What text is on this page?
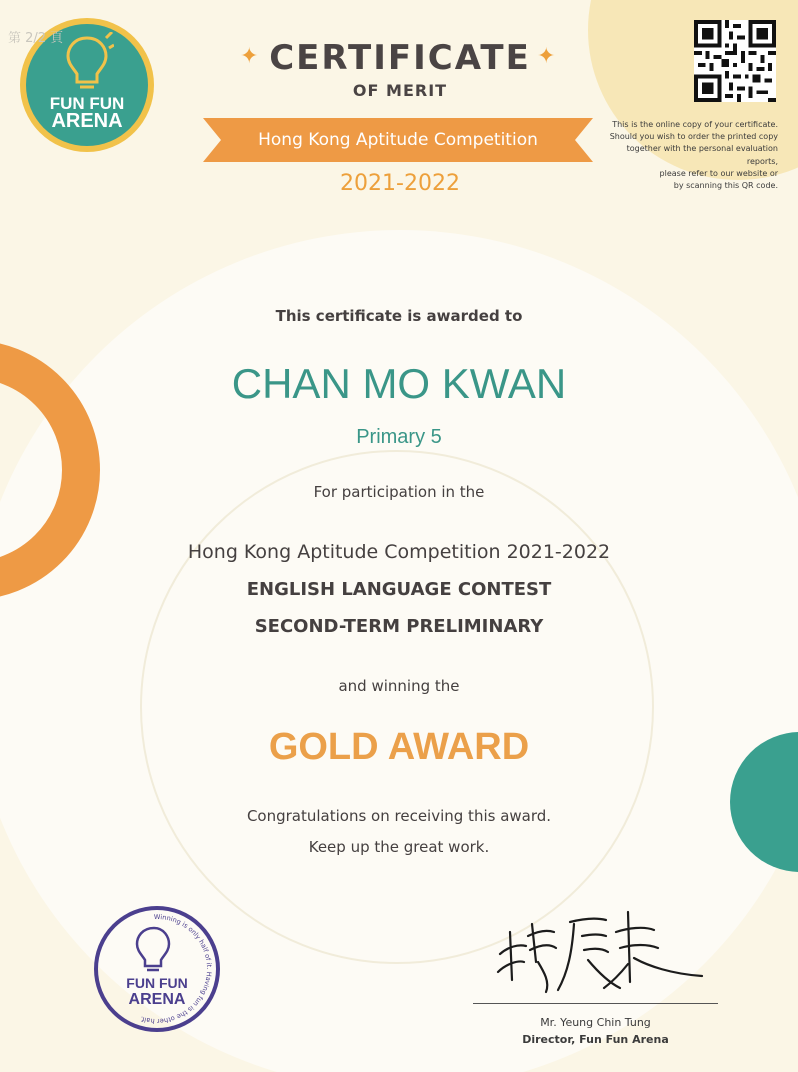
FUN FUN
ARENA
第 2/2 頁
✦	✦
CERTIFICATE
OF MERIT
Hong Kong Aptitude Competition
2021-2022
This is the online copy of your certificate.
Should you wish to order the printed copy
together with the personal evaluation reports,
please refer to our website or
by scanning this QR code.
This certificate is awarded to
CHAN MO KWAN
Primary 5
For participation in the
Hong Kong Aptitude Competition 2021-2022
ENGLISH LANGUAGE CONTEST
SECOND-TERM PRELIMINARY
and winning the
GOLD AWARD
Congratulations on receiving this award.
Keep up the great work.
Winning is only half of it. Having fun is the other half.
FUN FUN
ARENA
Mr. Yeung Chin Tung
Director, Fun Fun Arena
